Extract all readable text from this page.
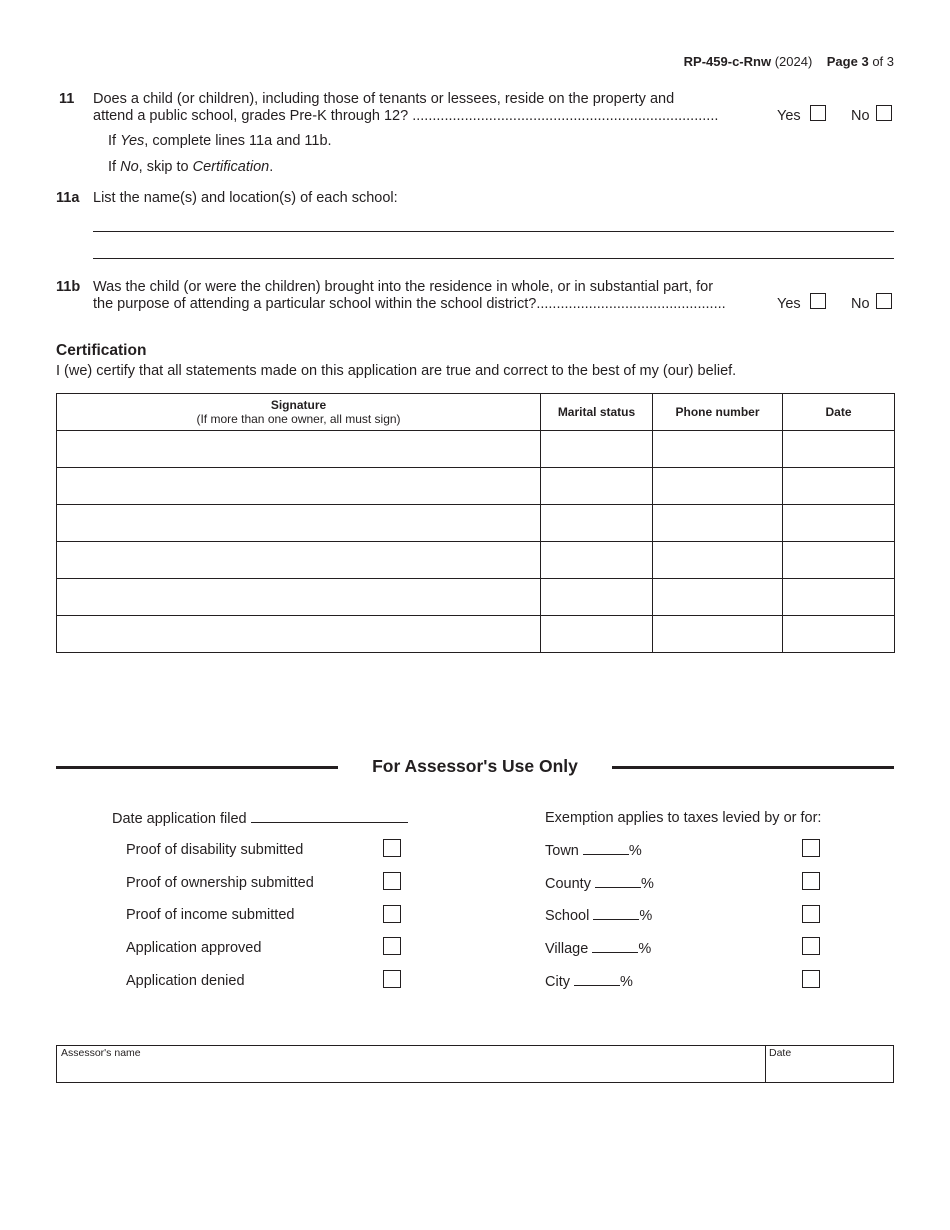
RP-459-c-Rnw (2024) Page 3 of 3
11 Does a child (or children), including those of tenants or lessees, reside on the property and
attend a public school, grades Pre-K through 12? ............................................................................	Yes	No
If Yes, complete lines 11a and 11b.
If No, skip to Certification.
11a List the name(s) and location(s) of each school:
11b Was the child (or were the children) brought into the residence in whole, or in substantial part, for
the purpose of attending a particular school within the school district?...............................................	Yes	No
Certification
I (we) certify that all statements made on this application are true and correct to the best of my (our) belief.
Signature
(If more than one owner, all must sign)	Marital status	Phone number	Date

For Assessor's Use Only
Date application filed
Proof of disability submitted
Proof of ownership submitted
Proof of income submitted
Application approved
Application denied
Exemption applies to taxes levied by or for:
Town	%
County	%
School	%
Village	%
City	%
Assessor's name	Date
